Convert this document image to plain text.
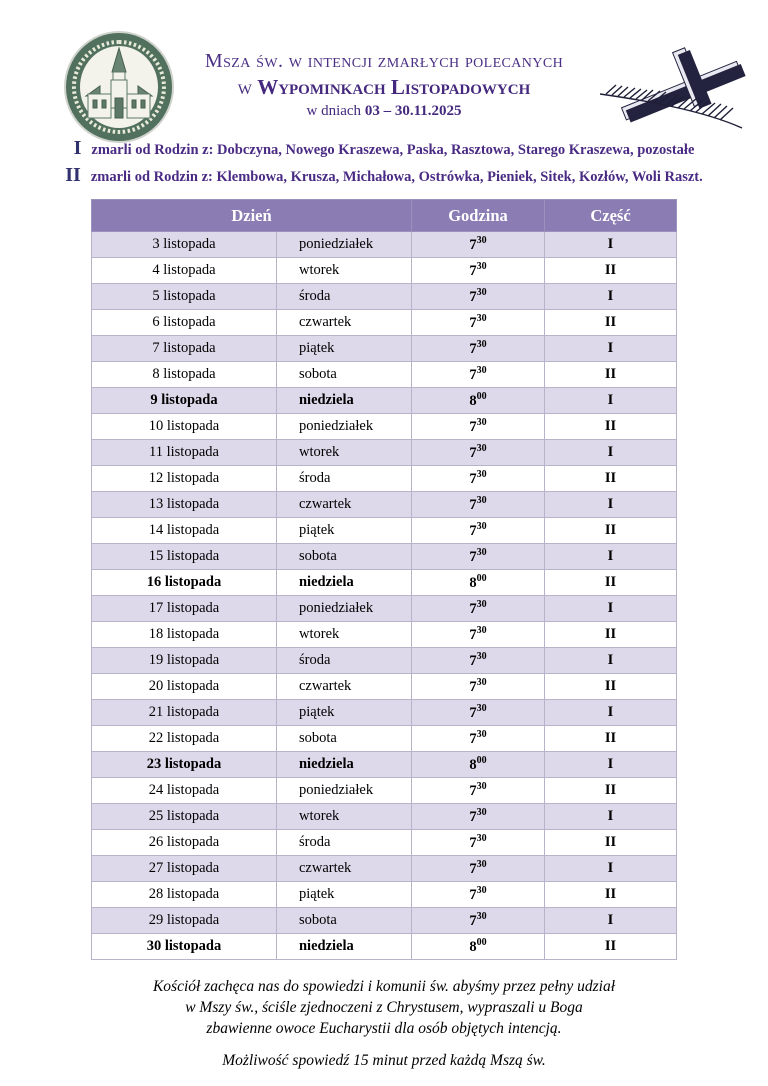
Msza św. w intencji zmarłych polecanych
w Wypominkach Listopadowych
w dniach 03 – 30.11.2025
I zmarli od Rodzin z: Dobczyna, Nowego Kraszewa, Paska, Rasztowa, Starego Kraszewa, pozostałe
II zmarli od Rodzin z: Klembowa, Krusza, Michałowa, Ostrówka, Pieniek, Sitek, Kozłów, Woli Raszt.
Dzień		Godzina	Część
3 listopada	poniedziałek	$7^{30}$	I
4 listopada	wtorek	$7^{30}$	II
5 listopada	środa	$7^{30}$	I
6 listopada	czwartek	$7^{30}$	II
7 listopada	piątek	$7^{30}$	I
8 listopada	sobota	$7^{30}$	II
9 listopada	niedziela	$8^{00}$	I
10 listopada	poniedziałek	$7^{30}$	II
11 listopada	wtorek	$7^{30}$	I
12 listopada	środa	$7^{30}$	II
13 listopada	czwartek	$7^{30}$	I
14 listopada	piątek	$7^{30}$	II
15 listopada	sobota	$7^{30}$	I
16 listopada	niedziela	$8^{00}$	II
17 listopada	poniedziałek	$7^{30}$	I
18 listopada	wtorek	$7^{30}$	II
19 listopada	środa	$7^{30}$	I
20 listopada	czwartek	$7^{30}$	II
21 listopada	piątek	$7^{30}$	I
22 listopada	sobota	$7^{30}$	II
23 listopada	niedziela	$8^{00}$	I
24 listopada	poniedziałek	$7^{30}$	II
25 listopada	wtorek	$7^{30}$	I
26 listopada	środa	$7^{30}$	II
27 listopada	czwartek	$7^{30}$	I
28 listopada	piątek	$7^{30}$	II
29 listopada	sobota	$7^{30}$	I
30 listopada	niedziela	$8^{00}$	II
Kościół zachęca nas do spowiedzi i komunii św. abyśmy przez pełny udział
w Mszy św., ściśle zjednoczeni z Chrystusem, wypraszali u Boga
zbawienne owoce Eucharystii dla osób objętych intencją.
Możliwość spowiedź 15 minut przed każdą Mszą św.
